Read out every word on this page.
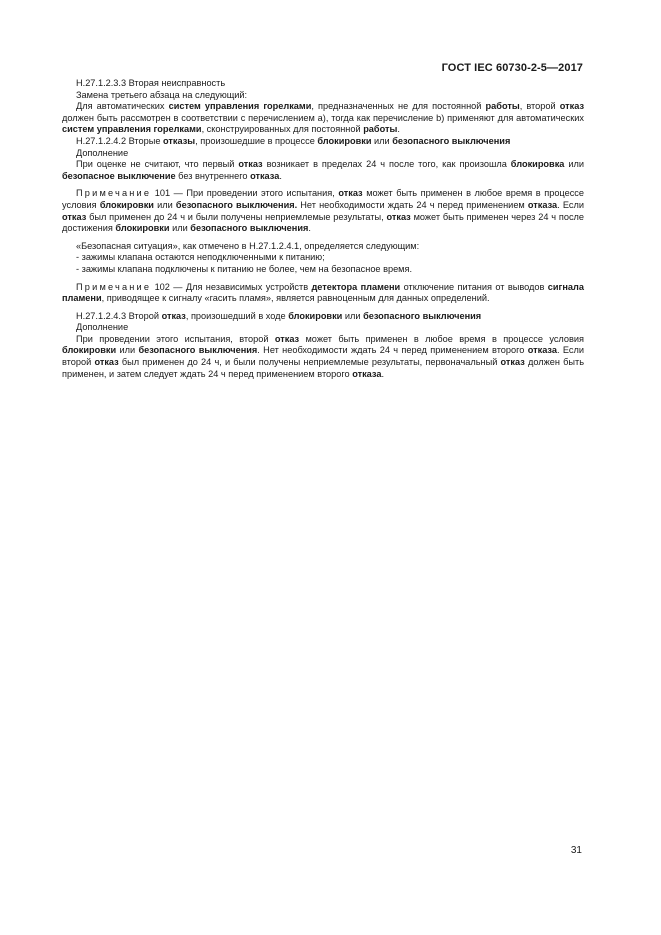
ГОСТ IEC 60730-2-5—2017

Н.27.1.2.3.3 Вторая неисправность

Замена третьего абзаца на следующий:

Для автоматических систем управления горелками, предназначенных не для постоянной работы, второй отказ должен быть рассмотрен в соответствии с перечислением а), тогда как перечисление b) применяют для автоматических систем управления горелками, сконструированных для постоянной работы.

Н.27.1.2.4.2 Вторые отказы, произошедшие в процессе блокировки или безопасного выключения

Дополнение

При оценке не считают, что первый отказ возникает в пределах 24 ч после того, как произошла блокировка или безопасное выключение без внутреннего отказа.

Примечание 101 — При проведении этого испытания, отказ может быть применен в любое время в процессе условия блокировки или безопасного выключения. Нет необходимости ждать 24 ч перед применением отказа. Если отказ был применен до 24 ч и были получены неприемлемые результаты, отказ может быть применен через 24 ч после достижения блокировки или безопасного выключения.

«Безопасная ситуация», как отмечено в Н.27.1.2.4.1, определяется следующим:

- зажимы клапана остаются неподключенными к питанию;

- зажимы клапана подключены к питанию не более, чем на безопасное время.

Примечание 102 — Для независимых устройств детектора пламени отключение питания от выводов сигнала пламени, приводящее к сигналу «гасить пламя», является равноценным для данных определений.

Н.27.1.2.4.3 Второй отказ, произошедший в ходе блокировки или безопасного выключения

Дополнение

При проведении этого испытания, второй отказ может быть применен в любое время в процессе условия блокировки или безопасного выключения. Нет необходимости ждать 24 ч перед применением второго отказа. Если второй отказ был применен до 24 ч, и были получены неприемлемые результаты, первоначальный отказ должен быть применен, и затем следует ждать 24 ч перед применением второго отказа.

31
